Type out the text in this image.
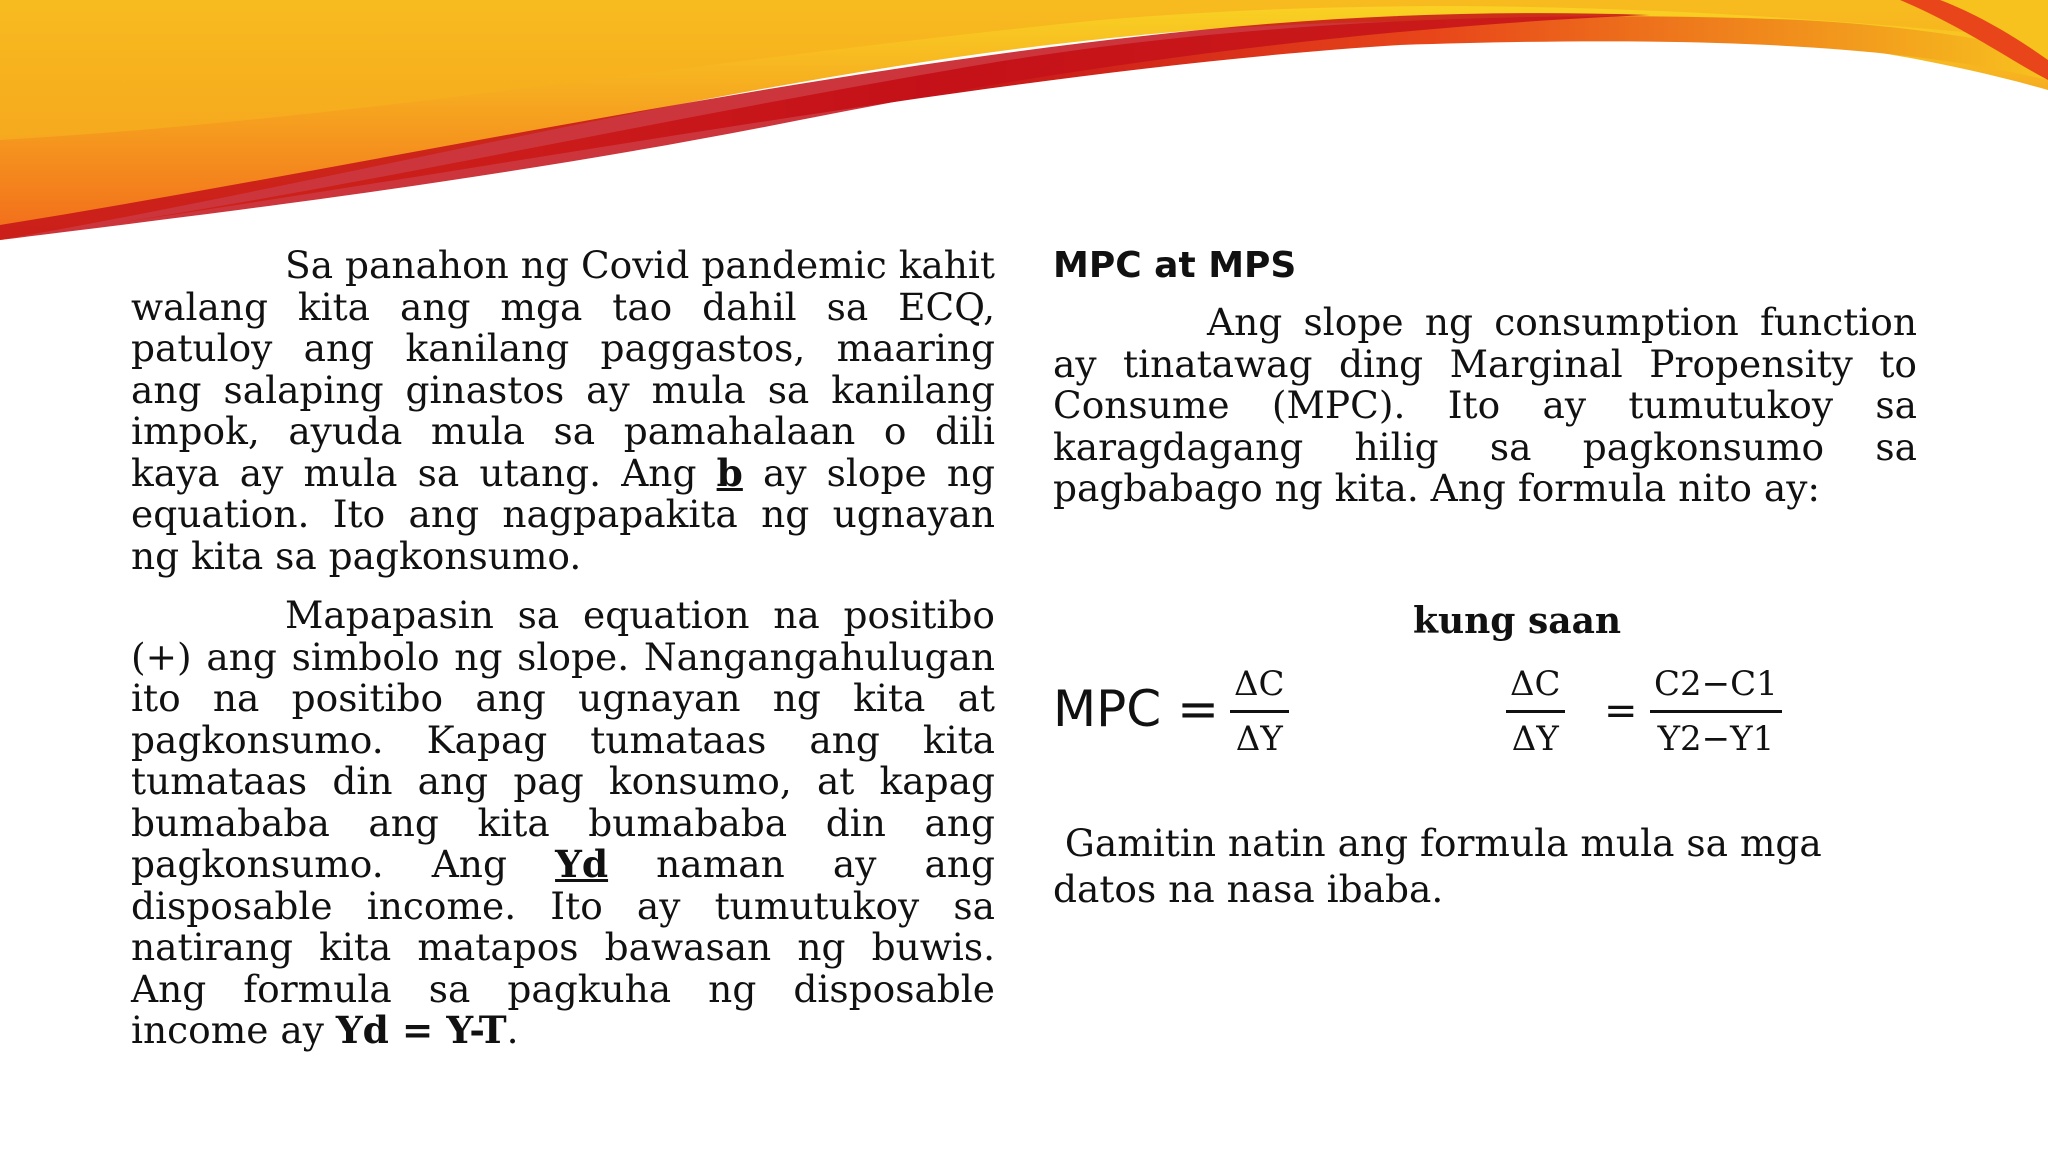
Sa panahon ng Covid pandemic kahit walang kita ang mga tao dahil sa ECQ, patuloy ang kanilang paggastos, maaring ang salaping ginastos ay mula sa kanilang impok, ayuda mula sa pamahalaan o dili kaya ay mula sa utang. Ang b ay slope ng equation. Ito ang nagpapakita ng ugnayan ng kita sa pagkonsumo.

Mapapasin sa equation na positibo (+) ang simbolo ng slope. Nangangahulugan ito na positibo ang ugnayan ng kita at pagkonsumo. Kapag tumataas ang kita tumataas din ang pag konsumo, at kapag bumababa ang kita bumababa din ang pagkonsumo. Ang Yd naman ay ang disposable income. Ito ay tumutukoy sa natirang kita matapos bawasan ng buwis. Ang formula sa pagkuha ng disposable income ay Yd = Y-T.

MPC at MPS

Ang slope ng consumption function ay tinatawag ding Marginal Propensity to Consume (MPC). Ito ay tumutukoy sa karagdagang hilig sa pagkonsumo sa pagbabago ng kita. Ang formula nito ay:

kung saan
MPC = ΔC
ΔY
ΔC
ΔY
=
C2−C1
Y2−Y1
Gamitin natin ang formula mula sa mga datos na nasa ibaba.
